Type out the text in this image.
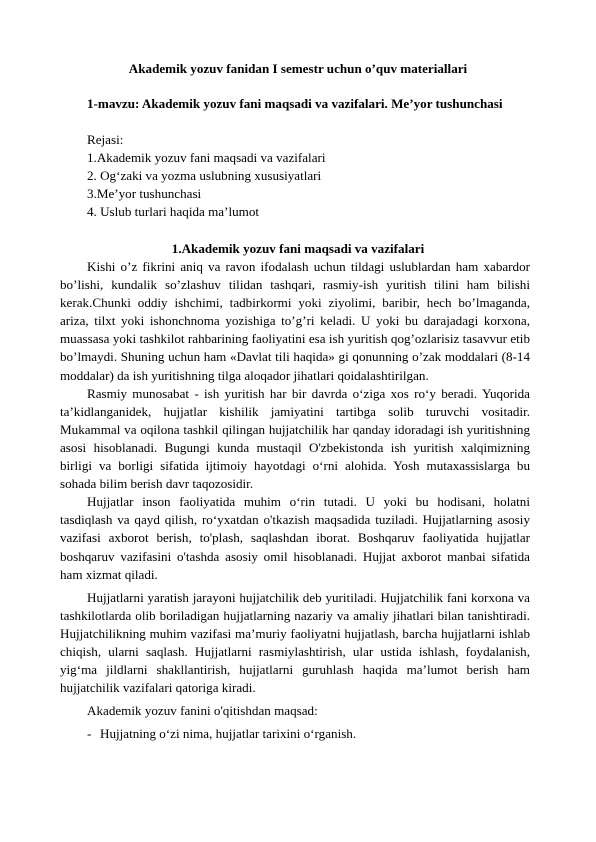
Akademik yozuv fanidan I semestr uchun o’quv materiallari
1-mavzu: Akademik yozuv fani maqsadi va vazifalari. Me’yor tushunchasi
Rejasi:
1.Akademik yozuv fani maqsadi va vazifalari
2. Og‘zaki va yozma uslubning xususiyatlari
3.Me’yor tushunchasi
4. Uslub turlari haqida ma’lumot
1.Akademik yozuv fani maqsadi va vazifalari

Kishi o’z fikrini aniq va ravon ifodalash uchun tildagi uslublardan ham xabardor bo’lishi, kundalik so’zlashuv tilidan tashqari, rasmiy-ish yuritish tilini ham bilishi kerak.Chunki oddiy ishchimi, tadbirkormi yoki ziyolimi, baribir, hech bo’lmaganda, ariza, tilxt yoki ishonchnoma yozishiga to’g’ri keladi. U yoki bu darajadagi korxona, muassasa yoki tashkilot rahbarining faoliyatini esa ish yuritish qog’ozlarisiz tasavvur etib bo’lmaydi. Shuning uchun ham «Davlat tili haqida» gi qonunning o’zak moddalari (8-14 moddalar) da ish yuritishning tilga aloqador jihatlari qoidalashtirilgan.

Rasmiy munosabat - ish yuritish har bir davrda o‘ziga xos ro‘y beradi. Yuqorida ta’kidlanganidek, hujjatlar kishilik jamiyatini tartibga solib turuvchi vositadir. Mukammal va oqilona tashkil qilingan hujjatchilik har qanday idoradagi ish yuritishning asosi hisoblanadi. Bugungi kunda mustaqil O'zbekistonda ish yuritish xalqimizning birligi va borligi sifatida ijtimoiy hayotdagi o‘rni alohida. Yosh mutaxassislarga bu sohada bilim berish davr taqozosidir.

Hujjatlar inson faoliyatida muhim o‘rin tutadi. U yoki bu hodisani, holatni tasdiqlash va qayd qilish, ro‘yxatdan o'tkazish maqsadida tuziladi. Hujjatlarning asosiy vazifasi axborot berish, to'plash, saqlashdan iborat. Boshqaruv faoliyatida hujjatlar boshqaruv vazifasini o'tashda asosiy omil hisoblanadi. Hujjat axborot manbai sifatida ham xizmat qiladi.

Hujjatlarni yaratish jarayoni hujjatchilik deb yuritiladi. Hujjatchilik fani korxona va tashkilotlarda olib boriladigan hujjatlarning nazariy va amaliy jihatlari bilan tanishtiradi. Hujjatchilikning muhim vazifasi ma’muriy faoliyatni hujjatlash, barcha hujjatlarni ishlab chiqish, ularni saqlash. Hujjatlarni rasmiylashtirish, ular ustida ishlash, foydalanish, yig‘ma jildlarni shakllantirish, hujjatlarni guruhlash haqida ma’lumot berish ham hujjatchilik vazifalari qatoriga kiradi.

Akademik yozuv fanini o'qitishdan maqsad:

- Hujjatning o‘zi nima, hujjatlar tarixini o‘rganish.
